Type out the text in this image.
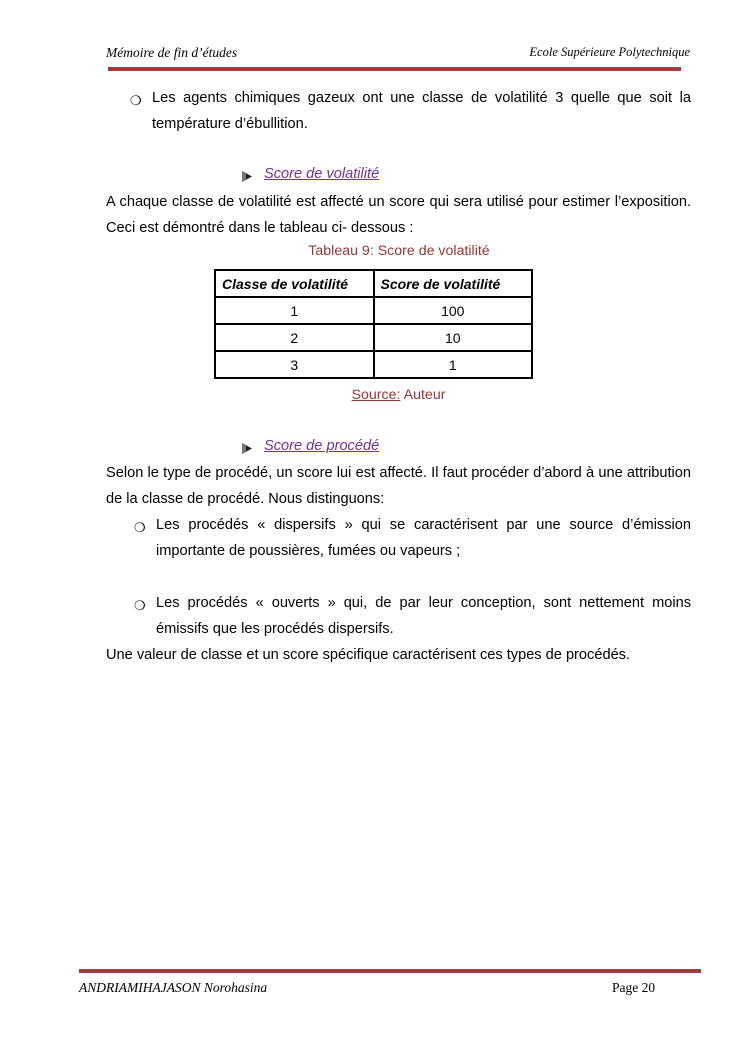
Mémoire de fin d’études	Ecole Supérieure Polytechnique
❍ Les agents chimiques gazeux ont une classe de volatilité 3 quelle que soit la température d’ébullition.
Score de volatilité
A chaque classe de volatilité est affecté un score qui sera utilisé pour estimer l’exposition. Ceci est démontré dans le tableau ci- dessous :
Tableau 9: Score de volatilité
Classe de volatilité	Score de volatilité
1	100
2	10
3	1
Source: Auteur
Score de procédé
Selon le type de procédé, un score lui est affecté. Il faut procéder d’abord à une attribution de la classe de procédé. Nous distinguons:
❍ Les procédés « dispersifs » qui se caractérisent par une source d’émission importante de poussières, fumées ou vapeurs ;
❍ Les procédés « ouverts » qui, de par leur conception, sont nettement moins émissifs que les procédés dispersifs.
Une valeur de classe et un score spécifique caractérisent ces types de procédés.
ANDRIAMIHAJASON Norohasina	Page 20
